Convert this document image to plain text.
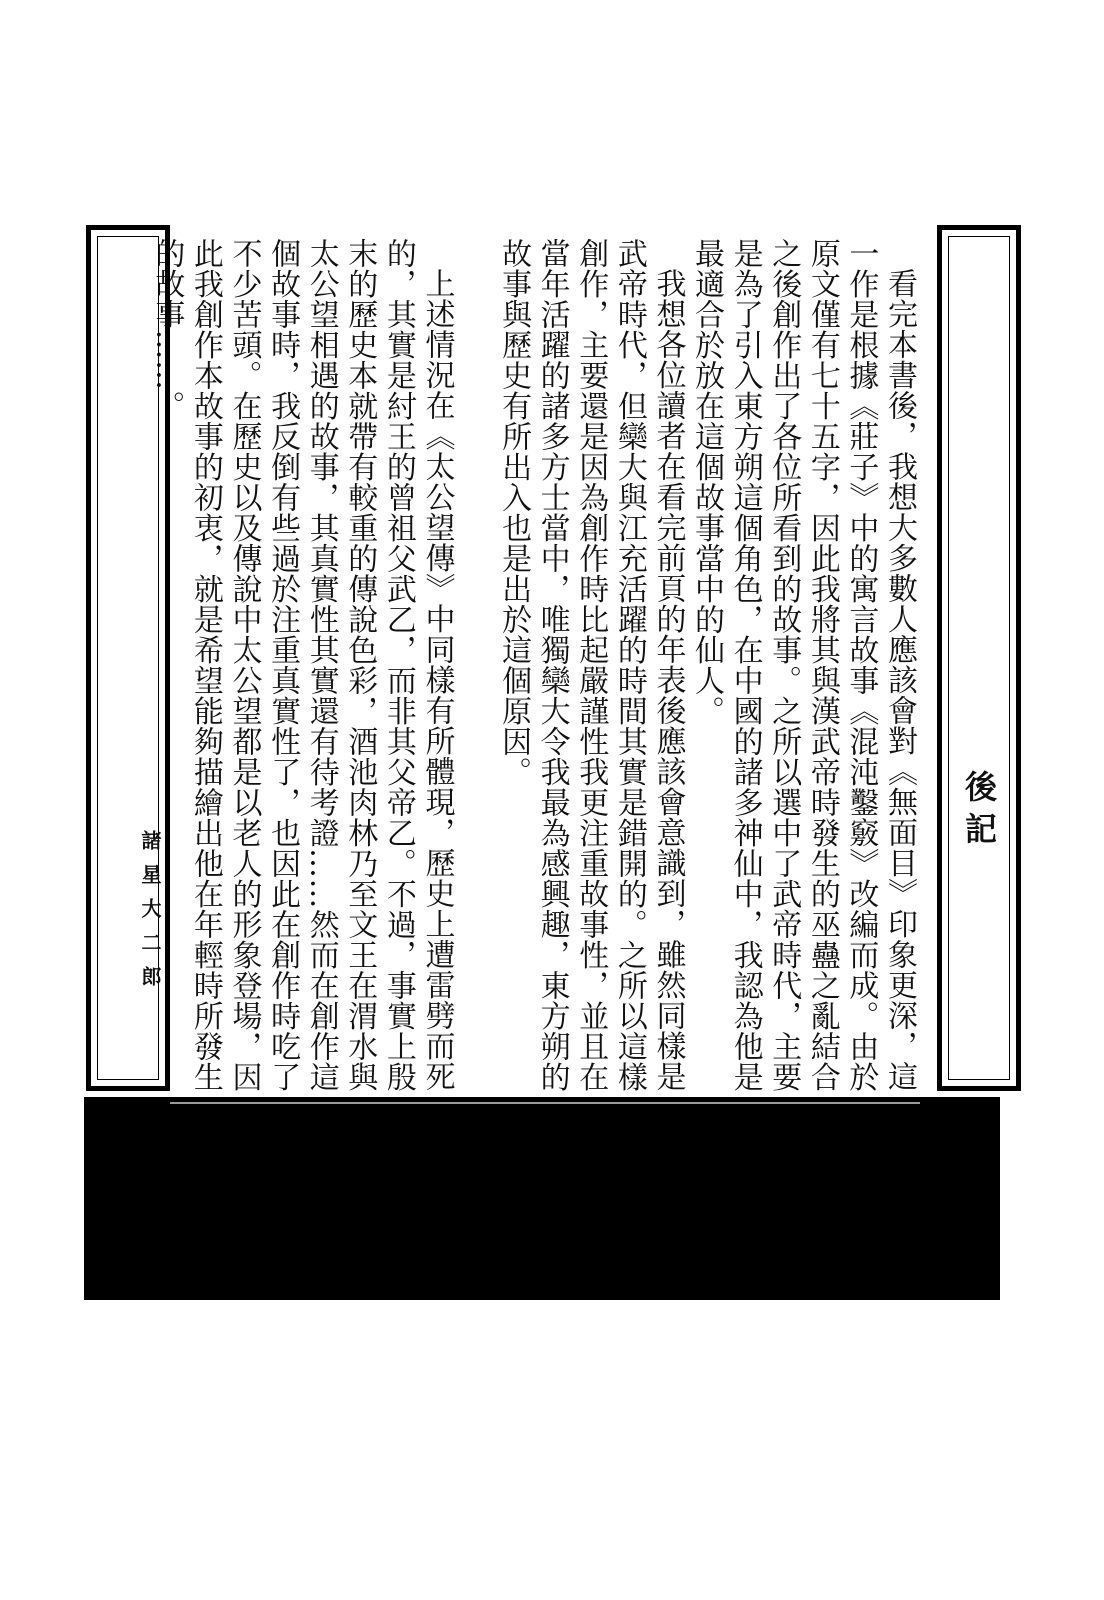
後記

看完本書後，我想大多數人應該會對《無面目》印象更深，這一作是根據《莊子》中的寓言故事《混沌鑿竅》改編而成。由於原文僅有七十五字，因此我將其與漢武帝時發生的巫蠱之亂結合之後創作出了各位所看到的故事。之所以選中了武帝時代，主要是為了引入東方朔這個角色，在中國的諸多神仙中，我認為他是最適合於放在這個故事當中的仙人。

我想各位讀者在看完前頁的年表後應該會意識到，雖然同樣是武帝時代，但欒大與江充活躍的時間其實是錯開的。之所以這樣創作，主要還是因為創作時比起嚴謹性我更注重故事性，並且在當年活躍的諸多方士當中，唯獨欒大令我最為感興趣，東方朔的故事與歷史有所出入也是出於這個原因。

上述情況在《太公望傳》中同樣有所體現，歷史上遭雷劈而死的，其實是紂王的曾祖父武乙，而非其父帝乙。不過，事實上殷末的歷史本就帶有較重的傳說色彩，酒池肉林乃至文王在渭水與太公望相遇的故事，其真實性其實還有待考證……然而在創作這個故事時，我反倒有些過於注重真實性了，也因此在創作時吃了不少苦頭。在歷史以及傳說中太公望都是以老人的形象登場，因此我創作本故事的初衷，就是希望能夠描繪出他在年輕時所發生的故事……。

諸星大二郎
